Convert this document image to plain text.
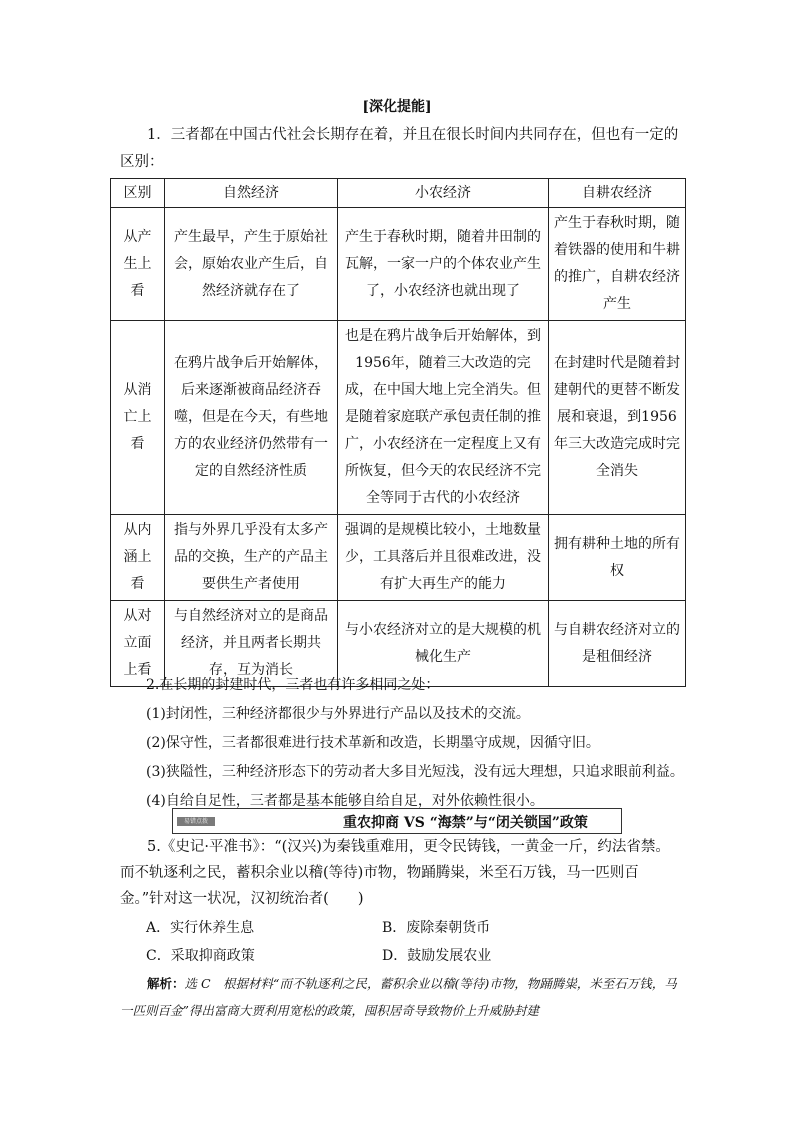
[深化提能]
1．三者都在中国古代社会长期存在着，并且在很长时间内共同存在，但也有一定的区别：
区别	自然经济	小农经济	自耕农经济
从产生上看	产生最早，产生于原始社会，原始农业产生后，自然经济就存在了	产生于春秋时期，随着井田制的瓦解，一家一户的个体农业产生了，小农经济也就出现了	产生于春秋时期，随着铁器的使用和牛耕的推广，自耕农经济产生
从消亡上看	在鸦片战争后开始解体，后来逐渐被商品经济吞噬，但是在今天，有些地方的农业经济仍然带有一定的自然经济性质	也是在鸦片战争后开始解体，到1956年，随着三大改造的完成，在中国大地上完全消失。但是随着家庭联产承包责任制的推广，小农经济在一定程度上又有所恢复，但今天的农民经济不完全等同于古代的小农经济	在封建时代是随着封建朝代的更替不断发展和衰退，到1956年三大改造完成时完全消失
从内涵上看	指与外界几乎没有太多产品的交换，生产的产品主要供生产者使用	强调的是规模比较小，土地数量少，工具落后并且很难改进，没有扩大再生产的能力	拥有耕种土地的所有权
从对立面上看	与自然经济对立的是商品经济，并且两者长期共存，互为消长	与小农经济对立的是大规模的机械化生产	与自耕农经济对立的是租佃经济
2.在长期的封建时代，三者也有许多相同之处：
(1)封闭性，三种经济都很少与外界进行产品以及技术的交流。
(2)保守性，三者都很难进行技术革新和改造，长期墨守成规，因循守旧。
(3)狭隘性，三种经济形态下的劳动者大多目光短浅，没有远大理想，只追求眼前利益。
(4)自给自足性，三者都是基本能够自给自足，对外依赖性很小。
易错点拨	重农抑商 VS “海禁”与“闭关锁国”政策
5.《史记·平准书》：“(汉兴)为秦钱重难用，更令民铸钱，一黄金一斤，约法省禁。而不轨逐利之民，蓄积余业以稽(等待)市物，物踊腾粜，米至石万钱，马一匹则百金。”针对这一状况，汉初统治者(　　)
A．实行休养生息	B．废除秦朝货币
C．采取抑商政策	D．鼓励发展农业
解析：选 C　根据材料“而不轨逐利之民，蓄积余业以稽(等待)市物，物踊腾粜，米至石万钱，马一匹则百金”得出富商大贾利用宽松的政策，囤积居奇导致物价上升威胁封建
